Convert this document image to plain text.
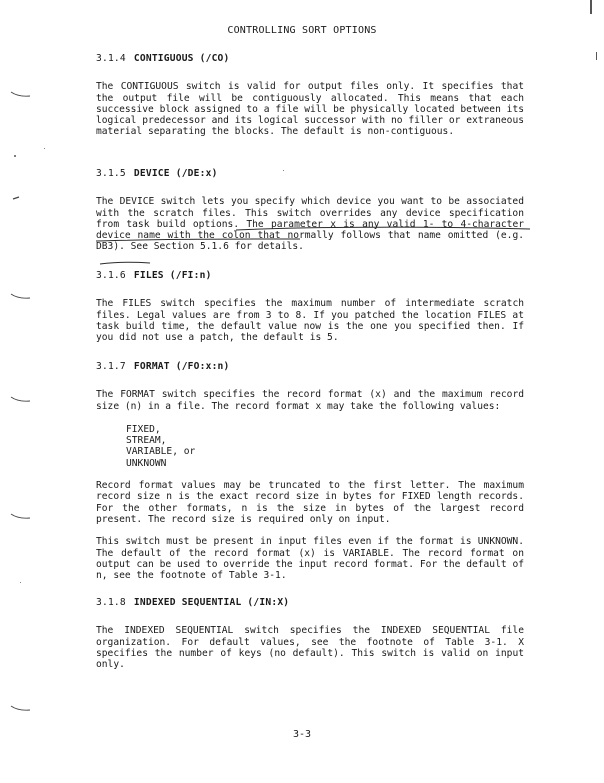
CONTROLLING SORT OPTIONS
3.1.4 CONTIGUOUS (/CO)

The CONTIGUOUS switch is valid for output files only. It specifies that the output file will be contiguously allocated. This means that each successive block assigned to a file will be physically located between its logical predecessor and its logical successor with no filler or extraneous material separating the blocks. The default is non-contiguous.

3.1.5 DEVICE (/DE:x)

The DEVICE switch lets you specify which device you want to be associated with the scratch files. This switch overrides any device specification from task build options. The parameter x is any valid 1- to 4-character device name with the colon that normally follows that name omitted (e.g. DB3). See Section 5.1.6 for details.

3.1.6 FILES (/FI:n)

The FILES switch specifies the maximum number of intermediate scratch files. Legal values are from 3 to 8. If you patched the location FILES at task build time, the default value now is the one you specified then. If you did not use a patch, the default is 5.

3.1.7 FORMAT (/FO:x:n)

The FORMAT switch specifies the record format (x) and the maximum record size (n) in a file. The record format x may take the following values:

FIXED,
STREAM,
VARIABLE, or
UNKNOWN

Record format values may be truncated to the first letter. The maximum record size n is the exact record size in bytes for FIXED length records. For the other formats, n is the size in bytes of the largest record present. The record size is required only on input.

This switch must be present in input files even if the format is UNKNOWN. The default of the record format (x) is VARIABLE. The record format on output can be used to override the input record format. For the default of n, see the footnote of Table 3-1.

3.1.8 INDEXED SEQUENTIAL (/IN:X)

The INDEXED SEQUENTIAL switch specifies the INDEXED SEQUENTIAL file organization. For default values, see the footnote of Table 3-1. X specifies the number of keys (no default). This switch is valid on input only.

3-3
